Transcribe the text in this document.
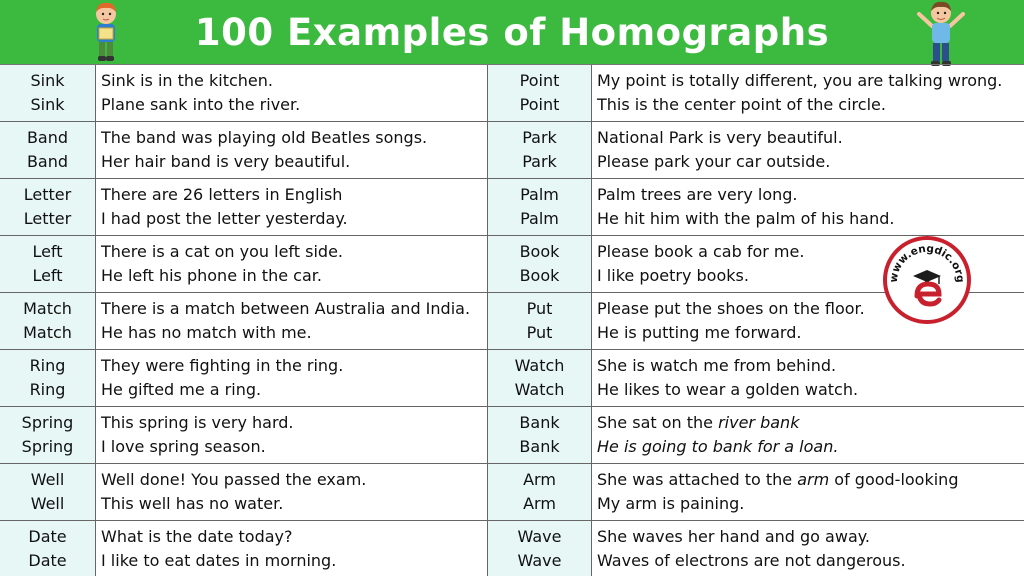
100 Examples of Homographs
Sink
Sink
Sink is in the kitchen.
Plane sank into the river.
Band
Band
The band was playing old Beatles songs.
Her hair band is very beautiful.
Letter
Letter
There are 26 letters in English
I had post the letter yesterday.
Left
Left
There is a cat on you left side.
He left his phone in the car.
Match
Match
There is a match between Australia and India.
He has no match with me.
Ring
Ring
They were fighting in the ring.
He gifted me a ring.
Spring
Spring
This spring is very hard.
I love spring season.
Well
Well
Well done! You passed the exam.
This well has no water.
Date
Date
What is the date today?
I like to eat dates in morning.
Point
Point
My point is totally different, you are talking wrong.
This is the center point of the circle.
Park
Park
National Park is very beautiful.
Please park your car outside.
Palm
Palm
Palm trees are very long.
He hit him with the palm of his hand.
Book
Book
Please book a cab for me.
I like poetry books.
Put
Put
Please put the shoes on the floor.
He is putting me forward.
Watch
Watch
She is watch me from behind.
He likes to wear a golden watch.
Bank
Bank
She sat on the river bank
He is going to bank for a loan.
Arm
Arm
She was attached to the arm of good-looking
My arm is paining.
Wave
Wave
She waves her hand and go away.
Waves of electrons are not dangerous.
www.engdic.org
